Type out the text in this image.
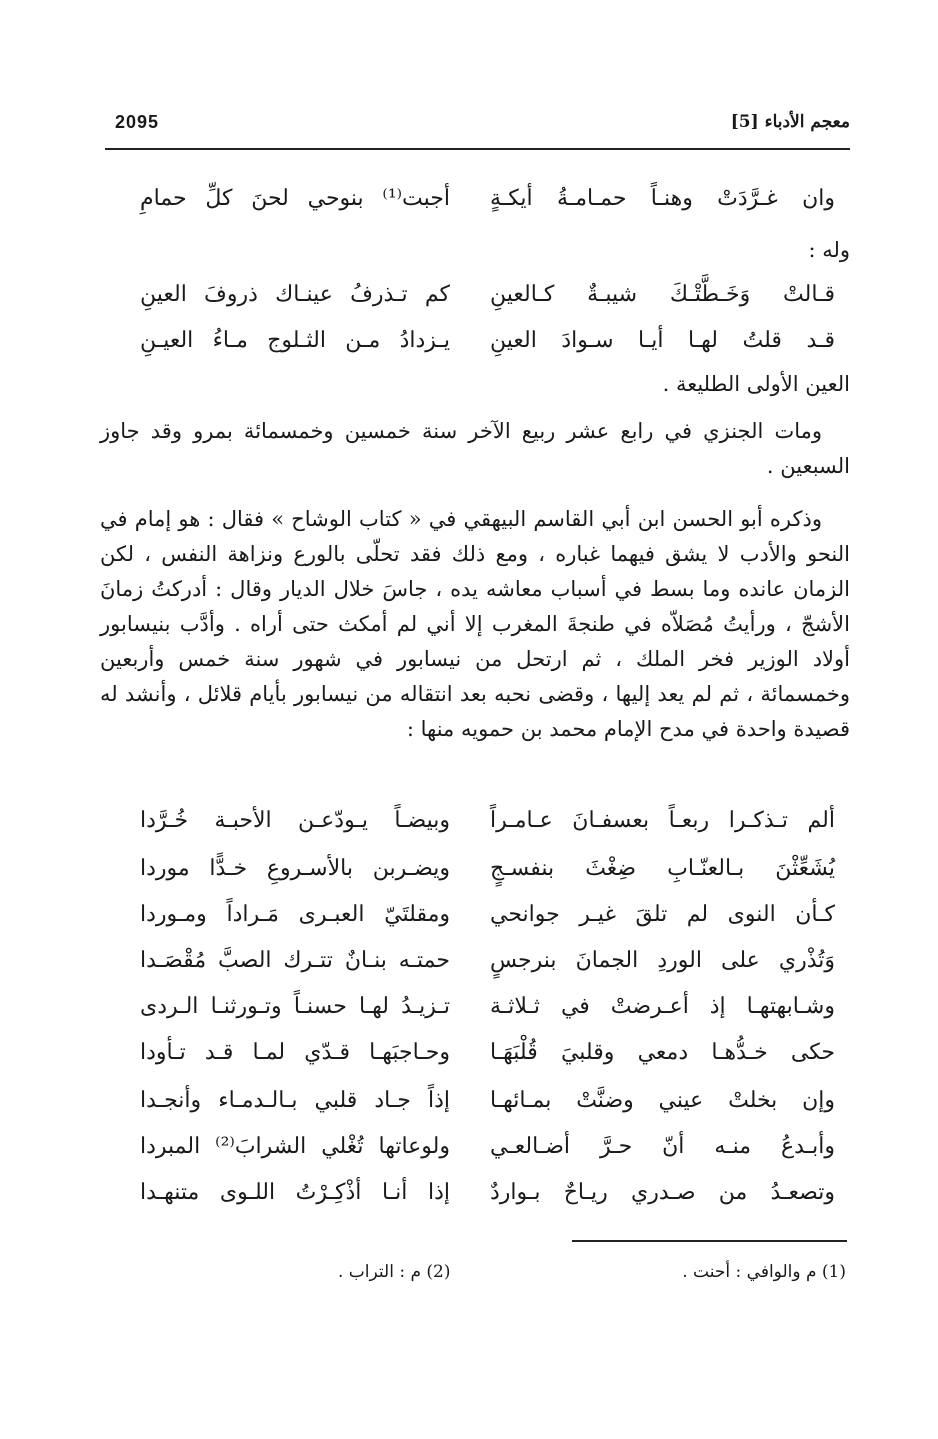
2095	معجم الأدباء [5]
وان غـرَّدَتْ وهنـاً حمـامـةُ أيكـةٍ
أجبت⁽¹⁾ بنوحي لحنَ كلِّ حمامِ
وله :
قـالتْ وَخَـطَّتْـكَ شيبـةٌ كـالعينِ
كم تـذرفُ عينـاك ذروفَ العينِ
قـد قلتُ لهـا أيـا سـوادَ العينِ
يـزدادُ مـن الثـلوج مـاءُ العيـنِ
العين الأولى الطليعة .

ومات الجنزي في رابع عشر ربيع الآخر سنة خمسين وخمسمائة بمرو وقد جاوز السبعين .

وذكره أبو الحسن ابن أبي القاسم البيهقي في « كتاب الوشاح » فقال : هو إمام في النحو والأدب لا يشق فيهما غباره ، ومع ذلك فقد تحلّى بالورع ونزاهة النفس ، لكن الزمان عانده وما بسط في أسباب معاشه يده ، جاسَ خلال الديار وقال : أدركتُ زمانَ الأشجّ ، ورأيتُ مُصَلاّه في طنجةَ المغرب إلا أني لم أمكث حتى أراه . وأدَّب بنيسابور أولاد الوزير فخر الملك ، ثم ارتحل من نيسابور في شهور سنة خمس وأربعين وخمسمائة ، ثم لم يعد إليها ، وقضى نحبه بعد انتقاله من نيسابور بأيام قلائل ، وأنشد له قصيدة واحدة في مدح الإمام محمد بن حمويه منها :

ألم تـذكـرا ربعـاً بعسفـانَ عـامـراً
وبيضـاً يـودّعـن الأحبـة خُـرَّدا
يُشَعِّثْنَ بـالعنّـابِ ضِغْثَ بنفسـجٍ
ويضـربن بالأسـروعِ خـدًّا موردا
كـأن النوى لم تلقَ غيـر جوانحي
ومقلتَيّ العبـرى مَـراداً ومـوردا
وَتُذْري على الوردِ الجمانَ بنرجسٍ
حمتـه بنـانٌ تتـرك الصبَّ مُقْصَـدا
وشـابهتهـا إذ أعـرضتْ في ثـلاثـة
تـزيـدُ لهـا حسنـاً وتـورثنـا الـردى
حكى خـدُّهـا دمعي وقلبيَ قُلْبَهَـا
وحـاجبَهـا قـدّي لمـا قـد تـأودا
وإن بخلتْ عيني وضنَّتْ بمـائهـا
إذاً جـاد قلبي بـالـدمـاء وأنجـدا
وأبـدعُ منـه أنّ حـرَّ أضـالعـي
ولوعاتها تُغْلي الشرابَ⁽²⁾ المبردا
وتصعـدُ من صـدري ريـاحٌ بـواردٌ
إذا أنـا أذْكِـرْتُ اللـوى متنهـدا
(1) م والوافي : أحنت .
(2) م : التراب .
